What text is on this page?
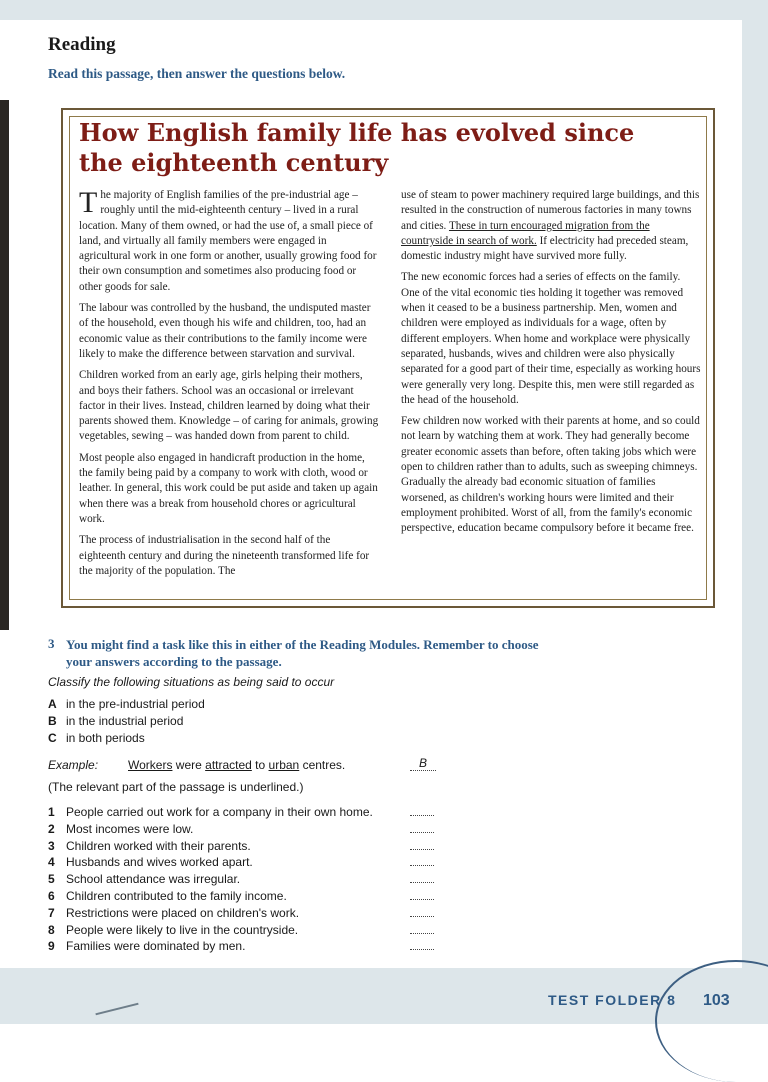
Reading

Read this passage, then answer the questions below.

How English family life has evolved since the eighteenth century

The majority of English families of the pre-industrial age – roughly until the mid-eighteenth century – lived in a rural location. Many of them owned, or had the use of, a small piece of land, and virtually all family members were engaged in agricultural work in one form or another, usually growing food for their own consumption and sometimes also producing food or other goods for sale.

The labour was controlled by the husband, the undisputed master of the household, even though his wife and children, too, had an economic value as their contributions to the family income were likely to make the difference between starvation and survival.

Children worked from an early age, girls helping their mothers, and boys their fathers. School was an occasional or irrelevant factor in their lives. Instead, children learned by doing what their parents showed them. Knowledge – of caring for animals, growing vegetables, sewing – was handed down from parent to child.

Most people also engaged in handicraft production in the home, the family being paid by a company to work with cloth, wood or leather. In general, this work could be put aside and taken up again when there was a break from household chores or agricultural work.

The process of industrialisation in the second half of the eighteenth century and during the nineteenth transformed life for the majority of the population. The

use of steam to power machinery required large buildings, and this resulted in the construction of numerous factories in many towns and cities. These in turn encouraged migration from the countryside in search of work. If electricity had preceded steam, domestic industry might have survived more fully.

The new economic forces had a series of effects on the family. One of the vital economic ties holding it together was removed when it ceased to be a business partnership. Men, women and children were employed as individuals for a wage, often by different employers. When home and workplace were physically separated, husbands, wives and children were also physically separated for a good part of their time, especially as working hours were generally very long. Despite this, men were still regarded as the head of the household.

Few children now worked with their parents at home, and so could not learn by watching them at work. They had generally become greater economic assets than before, often taking jobs which were open to children rather than to adults, such as sweeping chimneys. Gradually the already bad economic situation of families worsened, as children's working hours were limited and their employment prohibited. Worst of all, from the family's economic perspective, education became compulsory before it became free.

3 You might find a task like this in either of the Reading Modules. Remember to choose your answers according to the passage.

Classify the following situations as being said to occur
A in the pre-industrial period
B in the industrial period
C in both periods
Example: Workers were attracted to urban centres.	B
(The relevant part of the passage is underlined.)
1 People carried out work for a company in their own home.
2 Most incomes were low.
3 Children worked with their parents.
4 Husbands and wives worked apart.
5 School attendance was irregular.
6 Children contributed to the family income.
7 Restrictions were placed on children's work.
8 People were likely to live in the countryside.
9 Families were dominated by men.
TEST FOLDER 8 103
